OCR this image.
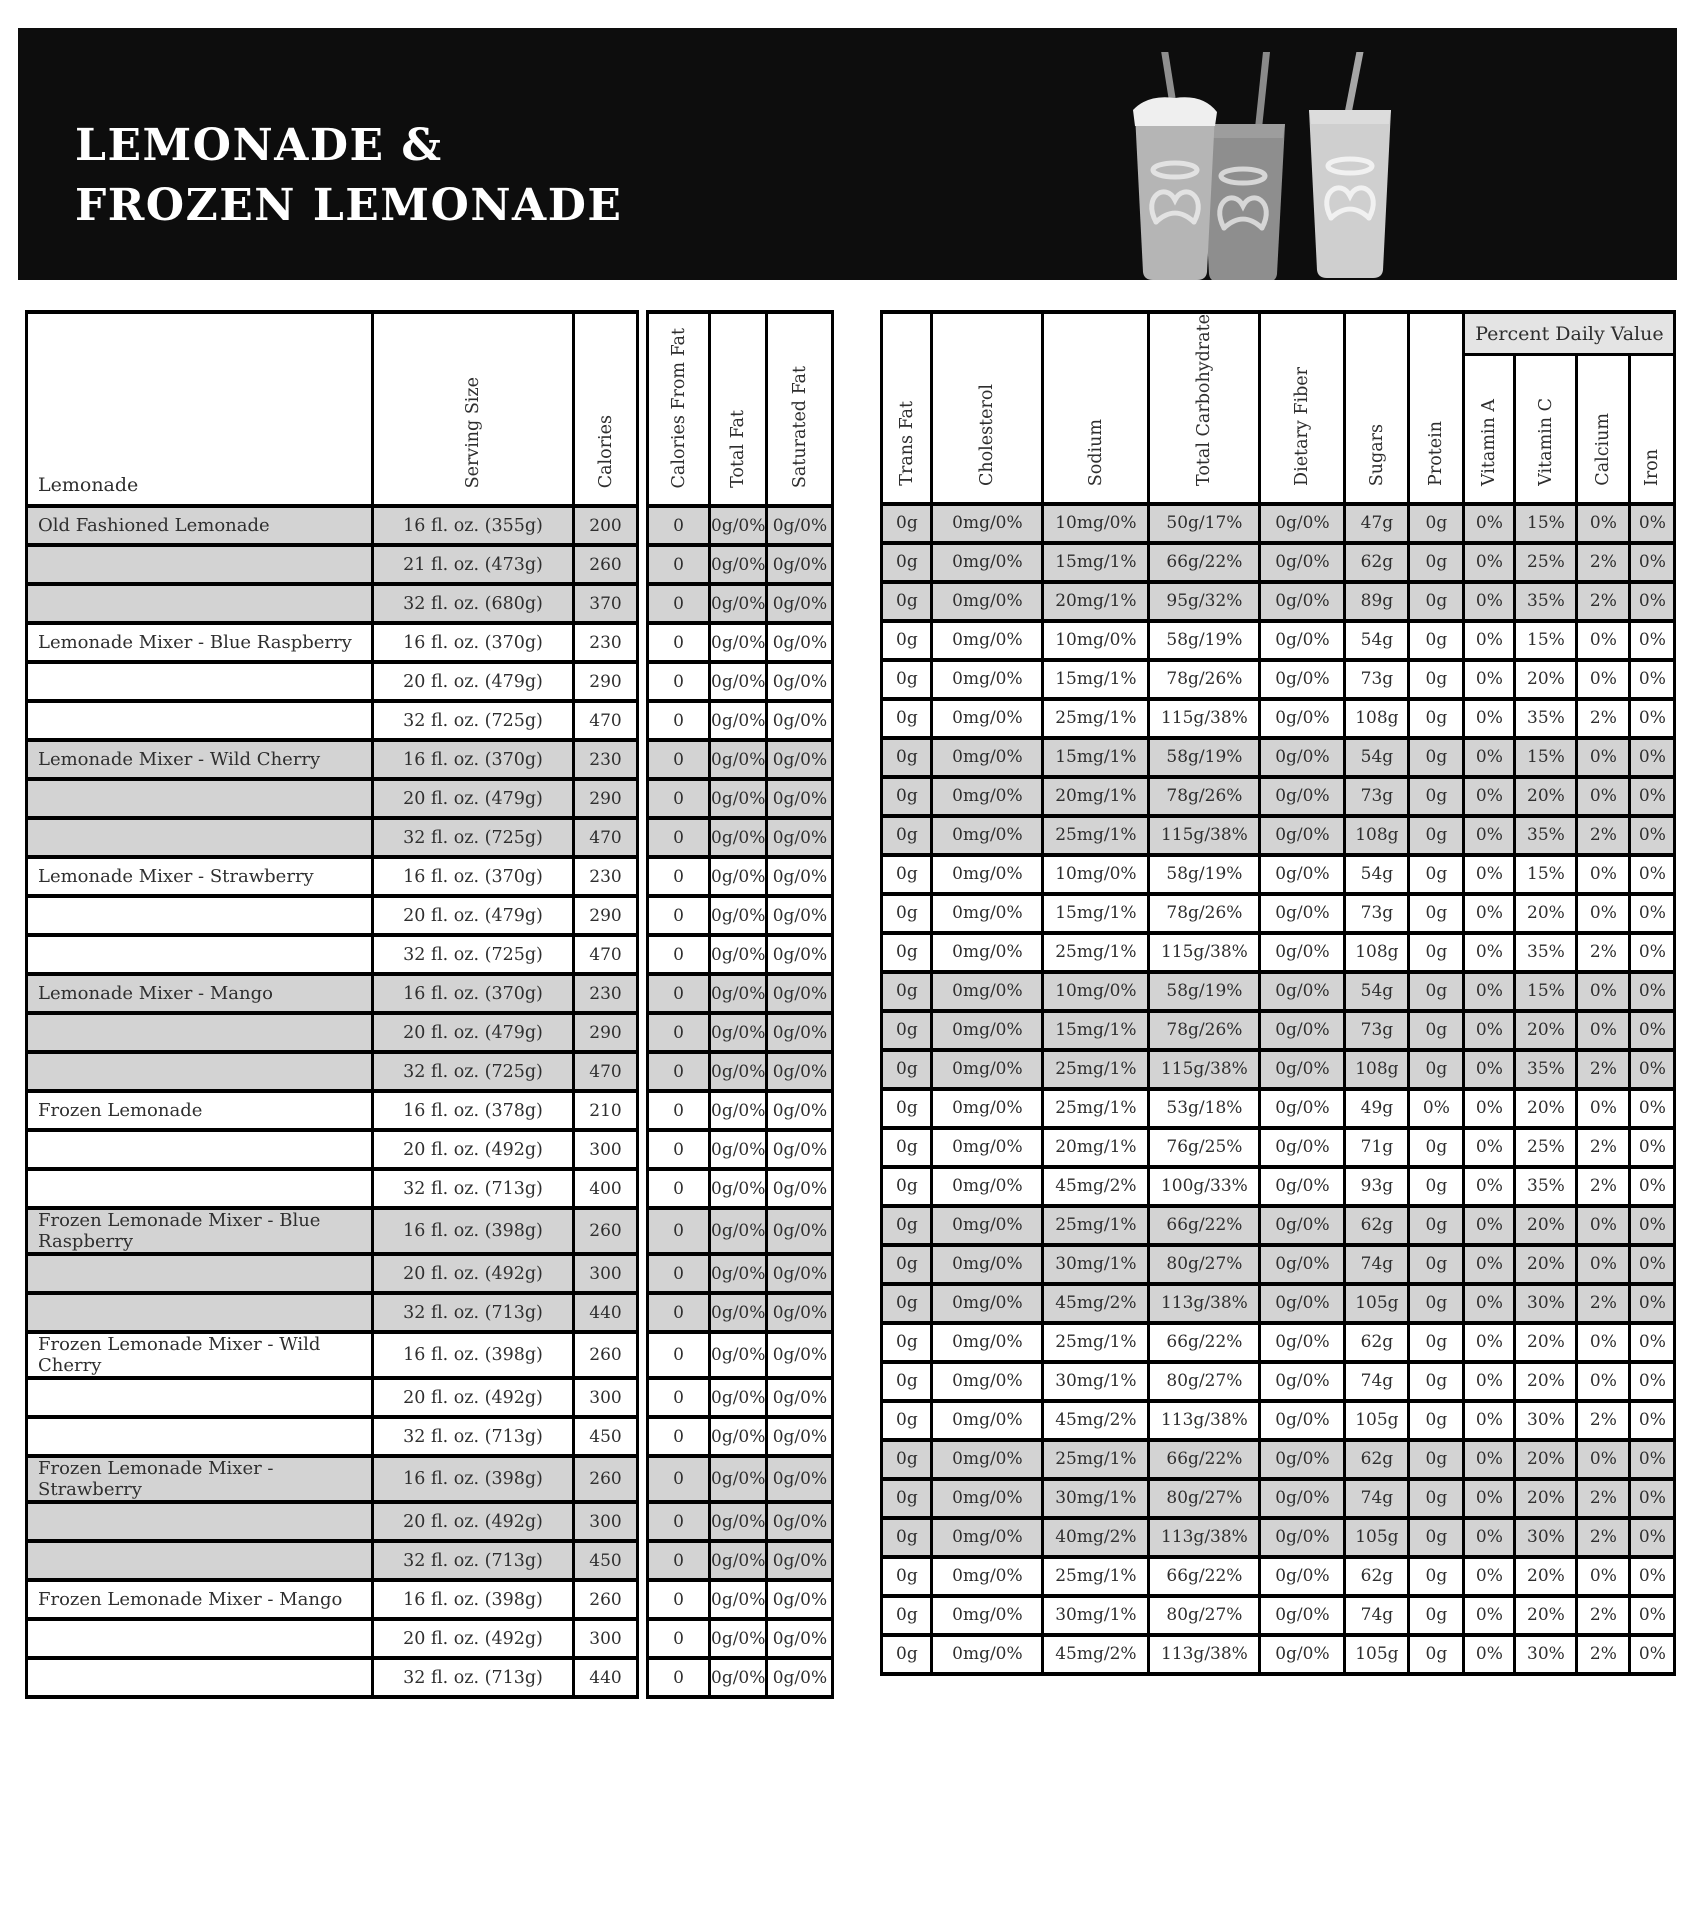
LEMONADE &
FROZEN LEMONADE
Lemonade	Serving Size	Calories		Calories From Fat	Total Fat	Saturated Fat
Old Fashioned Lemonade	16 fl. oz. (355g)	200		0	0g/0%	0g/0%
	21 fl. oz. (473g)	260		0	0g/0%	0g/0%
	32 fl. oz. (680g)	370		0	0g/0%	0g/0%
Lemonade Mixer - Blue Raspberry	16 fl. oz. (370g)	230		0	0g/0%	0g/0%
	20 fl. oz. (479g)	290		0	0g/0%	0g/0%
	32 fl. oz. (725g)	470		0	0g/0%	0g/0%
Lemonade Mixer - Wild Cherry	16 fl. oz. (370g)	230		0	0g/0%	0g/0%
	20 fl. oz. (479g)	290		0	0g/0%	0g/0%
	32 fl. oz. (725g)	470		0	0g/0%	0g/0%
Lemonade Mixer - Strawberry	16 fl. oz. (370g)	230		0	0g/0%	0g/0%
	20 fl. oz. (479g)	290		0	0g/0%	0g/0%
	32 fl. oz. (725g)	470		0	0g/0%	0g/0%
Lemonade Mixer - Mango	16 fl. oz. (370g)	230		0	0g/0%	0g/0%
	20 fl. oz. (479g)	290		0	0g/0%	0g/0%
	32 fl. oz. (725g)	470		0	0g/0%	0g/0%
Frozen Lemonade	16 fl. oz. (378g)	210		0	0g/0%	0g/0%
	20 fl. oz. (492g)	300		0	0g/0%	0g/0%
	32 fl. oz. (713g)	400		0	0g/0%	0g/0%
Frozen Lemonade Mixer - Blue Raspberry	16 fl. oz. (398g)	260		0	0g/0%	0g/0%
	20 fl. oz. (492g)	300		0	0g/0%	0g/0%
	32 fl. oz. (713g)	440		0	0g/0%	0g/0%
Frozen Lemonade Mixer - Wild Cherry	16 fl. oz. (398g)	260		0	0g/0%	0g/0%
	20 fl. oz. (492g)	300		0	0g/0%	0g/0%
	32 fl. oz. (713g)	450		0	0g/0%	0g/0%
Frozen Lemonade Mixer - Strawberry	16 fl. oz. (398g)	260		0	0g/0%	0g/0%
	20 fl. oz. (492g)	300		0	0g/0%	0g/0%
	32 fl. oz. (713g)	450		0	0g/0%	0g/0%
Frozen Lemonade Mixer - Mango	16 fl. oz. (398g)	260		0	0g/0%	0g/0%
	20 fl. oz. (492g)	300		0	0g/0%	0g/0%
	32 fl. oz. (713g)	440		0	0g/0%	0g/0%
Percent Daily Value
Trans Fat	Cholesterol	Sodium	Total Carbohydrate	Dietary Fiber	Sugars	Protein	Vitamin A	Vitamin C	Calcium	Iron
0g	0mg/0%	10mg/0%	50g/17%	0g/0%	47g	0g	0%	15%	0%	0%
0g	0mg/0%	15mg/1%	66g/22%	0g/0%	62g	0g	0%	25%	2%	0%
0g	0mg/0%	20mg/1%	95g/32%	0g/0%	89g	0g	0%	35%	2%	0%
0g	0mg/0%	10mg/0%	58g/19%	0g/0%	54g	0g	0%	15%	0%	0%
0g	0mg/0%	15mg/1%	78g/26%	0g/0%	73g	0g	0%	20%	0%	0%
0g	0mg/0%	25mg/1%	115g/38%	0g/0%	108g	0g	0%	35%	2%	0%
0g	0mg/0%	15mg/1%	58g/19%	0g/0%	54g	0g	0%	15%	0%	0%
0g	0mg/0%	20mg/1%	78g/26%	0g/0%	73g	0g	0%	20%	0%	0%
0g	0mg/0%	25mg/1%	115g/38%	0g/0%	108g	0g	0%	35%	2%	0%
0g	0mg/0%	10mg/0%	58g/19%	0g/0%	54g	0g	0%	15%	0%	0%
0g	0mg/0%	15mg/1%	78g/26%	0g/0%	73g	0g	0%	20%	0%	0%
0g	0mg/0%	25mg/1%	115g/38%	0g/0%	108g	0g	0%	35%	2%	0%
0g	0mg/0%	10mg/0%	58g/19%	0g/0%	54g	0g	0%	15%	0%	0%
0g	0mg/0%	15mg/1%	78g/26%	0g/0%	73g	0g	0%	20%	0%	0%
0g	0mg/0%	25mg/1%	115g/38%	0g/0%	108g	0g	0%	35%	2%	0%
0g	0mg/0%	25mg/1%	53g/18%	0g/0%	49g	0%	0%	20%	0%	0%
0g	0mg/0%	20mg/1%	76g/25%	0g/0%	71g	0g	0%	25%	2%	0%
0g	0mg/0%	45mg/2%	100g/33%	0g/0%	93g	0g	0%	35%	2%	0%
0g	0mg/0%	25mg/1%	66g/22%	0g/0%	62g	0g	0%	20%	0%	0%
0g	0mg/0%	30mg/1%	80g/27%	0g/0%	74g	0g	0%	20%	0%	0%
0g	0mg/0%	45mg/2%	113g/38%	0g/0%	105g	0g	0%	30%	2%	0%
0g	0mg/0%	25mg/1%	66g/22%	0g/0%	62g	0g	0%	20%	0%	0%
0g	0mg/0%	30mg/1%	80g/27%	0g/0%	74g	0g	0%	20%	0%	0%
0g	0mg/0%	45mg/2%	113g/38%	0g/0%	105g	0g	0%	30%	2%	0%
0g	0mg/0%	25mg/1%	66g/22%	0g/0%	62g	0g	0%	20%	0%	0%
0g	0mg/0%	30mg/1%	80g/27%	0g/0%	74g	0g	0%	20%	2%	0%
0g	0mg/0%	40mg/2%	113g/38%	0g/0%	105g	0g	0%	30%	2%	0%
0g	0mg/0%	25mg/1%	66g/22%	0g/0%	62g	0g	0%	20%	0%	0%
0g	0mg/0%	30mg/1%	80g/27%	0g/0%	74g	0g	0%	20%	2%	0%
0g	0mg/0%	45mg/2%	113g/38%	0g/0%	105g	0g	0%	30%	2%	0%
